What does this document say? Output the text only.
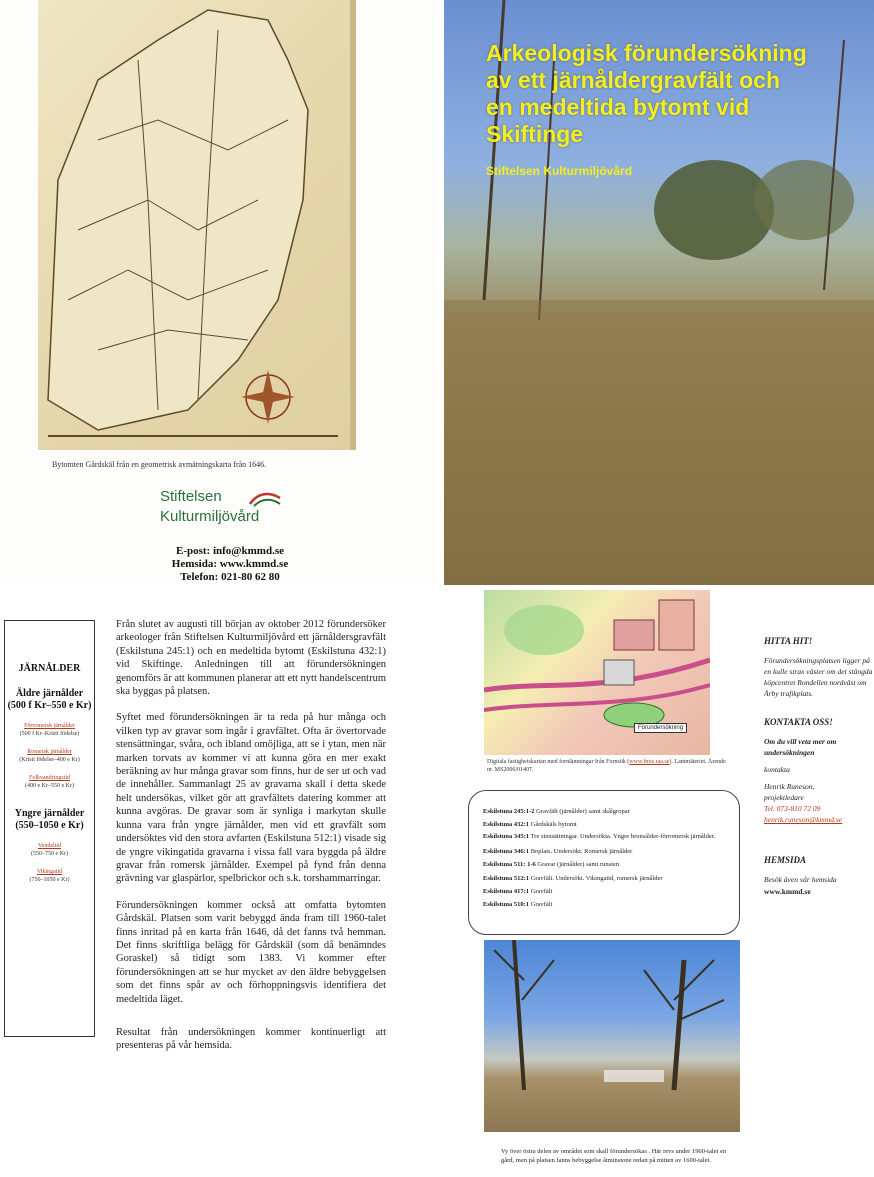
Bytomten Gårdskäl från en geometrisk avmätningskarta från 1646.
Stiftelsen
Kulturmiljövård
E-post: info@kmmd.se
Hemsida: www.kmmd.se
Telefon: 021-80 62 80
Arkeologisk förundersökning
av ett järnåldergravfält och
en medeltida bytomt vid
Skiftinge
Stiftelsen Kulturmiljövård
JÄRNÅLDER
Äldre järnålder
(500 f Kr–550 e Kr)
Förromersk järnålder
(500 f Kr–Kristi födelse)
Romersk järnålder
(Kristi födelse–400 e Kr)
Folkvandringstid
(400 e Kr–550 e Kr)
Yngre järnålder
(550–1050 e Kr)
Vendeltid
(550–750 e Kr)
Vikingatid
(750–1050 e Kr)

Från slutet av augusti till början av oktober 2012 förundersöker arkeologer från Stiftelsen Kulturmiljövård ett järnåldersgravfält (Eskilstuna 245:1) och en medeltida bytomt (Eskilstuna 432:1) vid Skiftinge. Anledningen till att förundersökningen genomförs är att kommunen planerar att ett nytt handelscentrum ska byggas på platsen.

Syftet med förundersökningen är ta reda på hur många och vilken typ av gravar som ingår i gravfältet. Ofta är övertorvade stensättningar, svåra, och ibland omöjliga, att se i ytan, men när marken torvats av kommer vi att kunna göra en mer exakt beräkning av hur många gravar som finns, hur de ser ut och vad de innehåller. Sammanlagt 25 av gravarna skall i detta skede helt undersökas, vilket gör att gravfältets datering kommer att kunna avgöras. De gravar som är synliga i markytan skulle kunna vara från yngre järnålder, men vid ett gravfält som undersöktes vid den stora avfarten (Eskilstuna 512:1) visade sig de yngre vikingatida gravarna i vissa fall vara byggda på äldre gravar från romersk järnålder. Exempel på fynd från denna grävning var glaspärlor, spelbrickor och s.k. torshammarringar.

Förundersökningen kommer också att omfatta bytomten Gårdskäl. Platsen som varit bebyggd ända fram till 1960-talet finns inritad på en karta från 1646, då det fanns två hemman. Det finns skriftliga belägg för Gårdskäl (som då benämndes Goraskel) så tidigt som 1383. Vi kommer efter förundersökningen att se hur mycket av den äldre bebyggelsen som det finns spår av och förhoppningsvis identifiera det medeltida läget.

Resultat från undersökningen kommer kontinuerligt att presenteras på vår hemsida.

Förundersökning
Digitala fastighetskartan med fornlämningar från Fornsök (www.fmis.raa.se). Lantmäteriet. Ärende nr. MS2006/01407.
Eskilstuna 245:1-2 Gravfält (järnålder) samt skålgropar
Eskilstuna 432:1 Gårdskäls bytomt
Eskilstuna 345:1 Tre stensättningar. Undersökta. Yngre bronsålder-förromersk järnålder.
Eskilstuna 346:1 Boplats. Undersökt. Romersk järnålder
Eskilstuna 511: 1-6 Gravar (järnålder) samt runsten
Eskilstuna 512:1 Gravfält. Undersökt. Vikingatid, romersk järnålder
Eskilstuna 417:1 Gravfält
Eskilstuna 510:1 Gravfält
Vy över östra delen av området som skall förundersökas . Här revs under 1960-talet en gård, men på platsen fanns bebyggelse åtminstone redan på mitten av 1600-talet.
HITTA HIT!
Förundersökningsplatsen ligger på en kulle strax väster om det stängda köpcentret Rondellen nordväst om Årby trafikplats.
KONTAKTA OSS!
Om du vill veta mer om undersökningen
kontakta
Henrik Runeson,
projektledare
Tel. 073-810 72 09
henrik.runeson@kmmd.se
HEMSIDA
Besök även vår hemsida
www.kmmd.se
